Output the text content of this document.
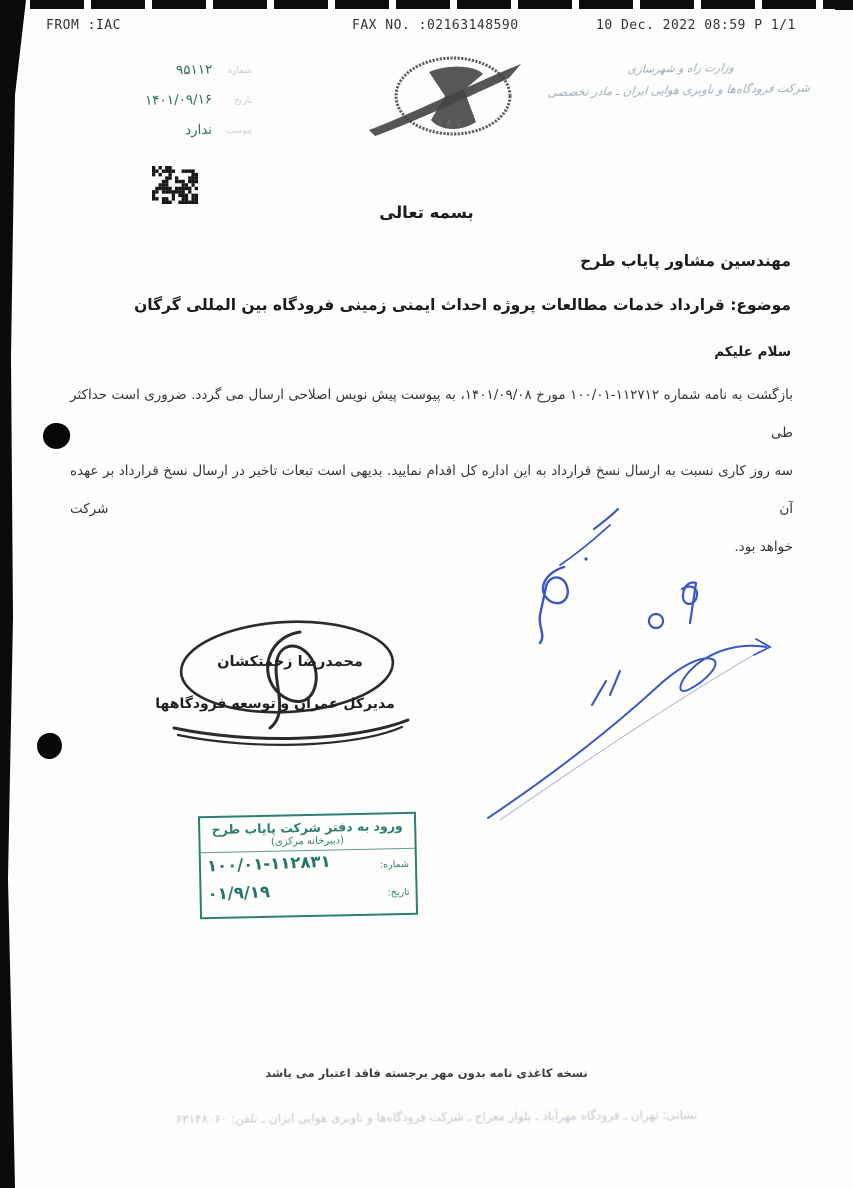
FROM :IAC	FAX NO. :02163148590	10 Dec. 2022 08:59 P 1/1
شماره
۹۵۱۱۲
تاریخ
۱۴۰۱/۰۹/۱۶
پیوست
ندارد	IAC
وزارت راه و شهرسازی
شرکت فرودگاه‌ها و ناوبری هوایی ایران ـ مادر تخصصی
بسمه تعالی
مهندسین مشاور پایاب طرح
موضوع: قرارداد خدمات مطالعات پروژه احداث ایمنی زمینی فرودگاه بین المللی گرگان
سلام علیکم
بازگشت به نامه شماره ۱۰۰/۰۱-۱۱۲۷۱۲ مورخ ۱۴۰۱/۰۹/۰۸، به پیوست پیش نویس اصلاحی ارسال می گردد. ضروری است حداکثر طی
سه روز کاری نسبت به ارسال نسخ قرارداد به این اداره کل اقدام نمایید. بدیهی است تبعات تاخیر در ارسال نسخ قرارداد بر عهده آن شرکت
خواهد بود.
محمدرضا زحمتکشان
مدیرکل عمران و توسعه فرودگاهها
ورود به دفتر شرکت پایاب طرح
(دبیرخانه مرکزی)
شماره:
۱۰۰/۰۱-۱۱۲۸۳۱
تاریخ:
۰۱/۹/۱۹
نسخه کاغذی نامه بدون مهر برجسته فاقد اعتبار می باشد
نشانی: تهران ـ فرودگاه مهرآباد ـ بلوار معراج ـ شرکت فرودگاه‌ها و ناوبری هوایی ایران ـ تلفن: ۶۳۱۴۸۰۶۰
